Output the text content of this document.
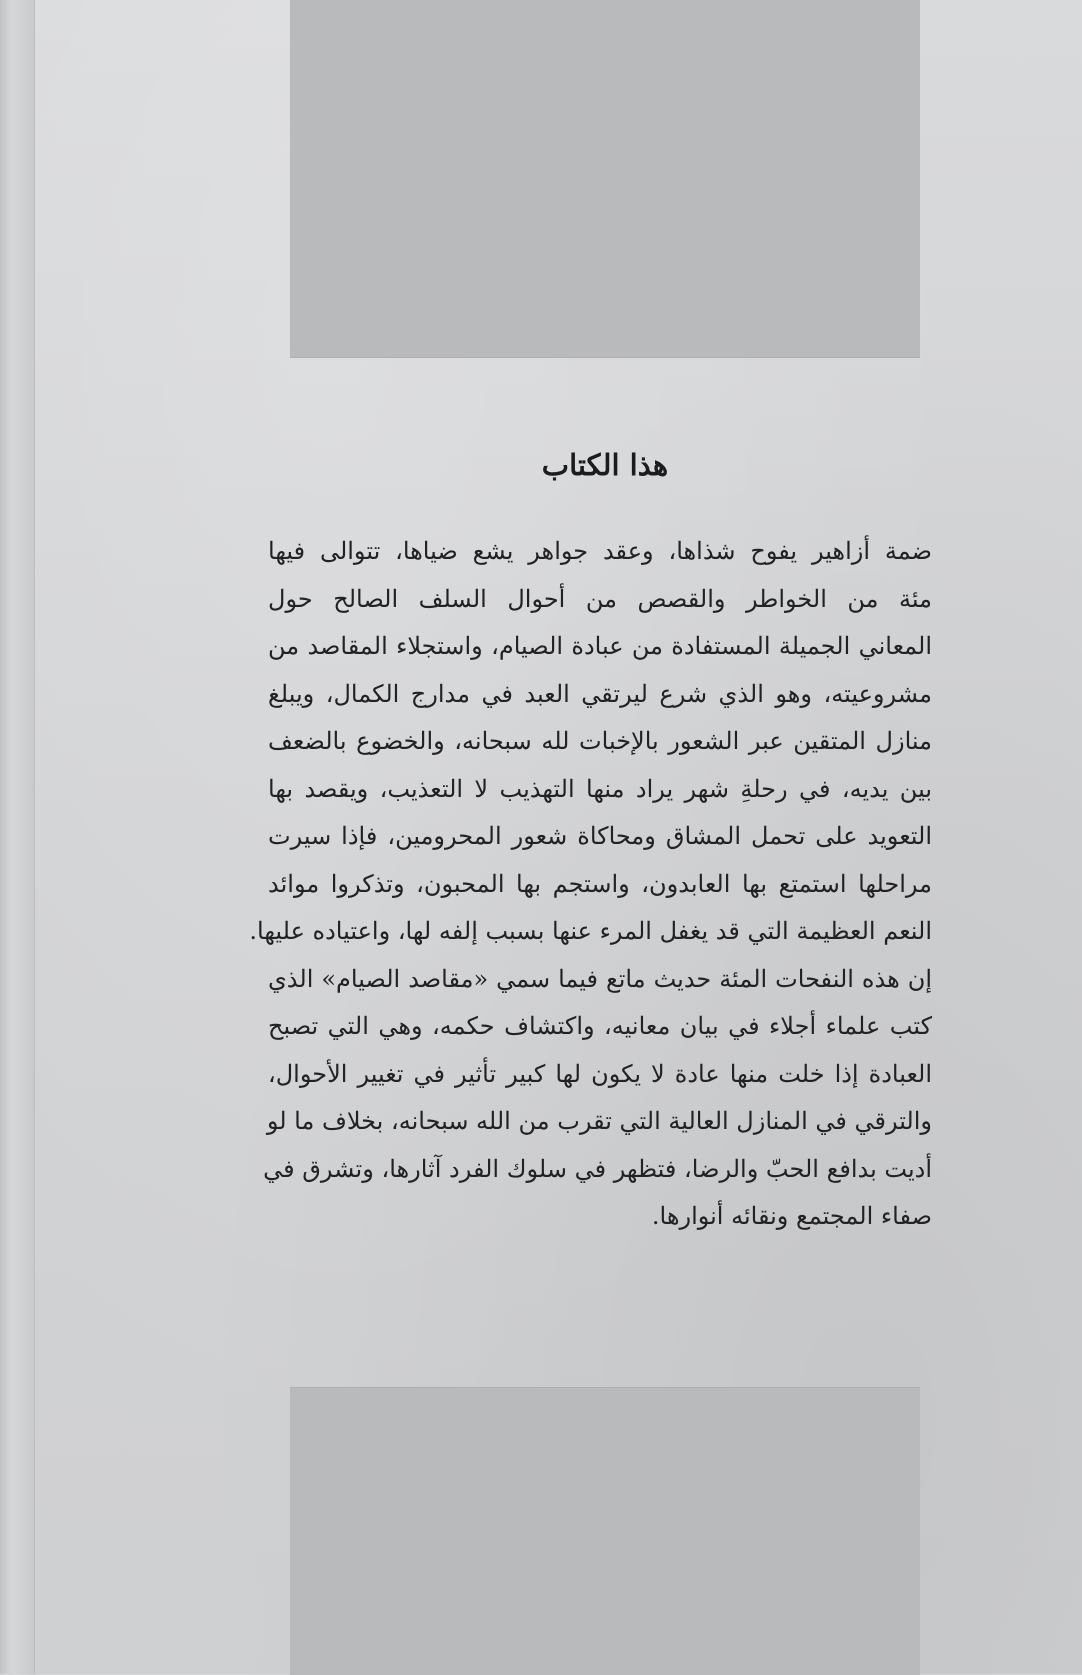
هذا الكتاب
ضمة أزاهير يفوح شذاها، وعقد جواهر يشع ضياها، تتوالى فيها
مئة من الخواطر والقصص من أحوال السلف الصالح حول
المعاني الجميلة المستفادة من عبادة الصيام، واستجلاء المقاصد من
مشروعيته، وهو الذي شرع ليرتقي العبد في مدارج الكمال، ويبلغ
منازل المتقين عبر الشعور بالإخبات لله سبحانه، والخضوع بالضعف
بين يديه، في رحلةِ شهر يراد منها التهذيب لا التعذيب، ويقصد بها
التعويد على تحمل المشاق ومحاكاة شعور المحرومين، فإذا سيرت
مراحلها استمتع بها العابدون، واستجم بها المحبون، وتذكروا موائد
النعم العظيمة التي قد يغفل المرء عنها بسبب إلفه لها، واعتياده عليها.
إن هذه النفحات المئة حديث ماتع فيما سمي «مقاصد الصيام» الذي
كتب علماء أجلاء في بيان معانيه، واكتشاف حكمه، وهي التي تصبح
العبادة إذا خلت منها عادة لا يكون لها كبير تأثير في تغيير الأحوال،
والترقي في المنازل العالية التي تقرب من الله سبحانه، بخلاف ما لو
أديت بدافع الحبّ والرضا، فتظهر في سلوك الفرد آثارها، وتشرق في
صفاء المجتمع ونقائه أنوارها.
